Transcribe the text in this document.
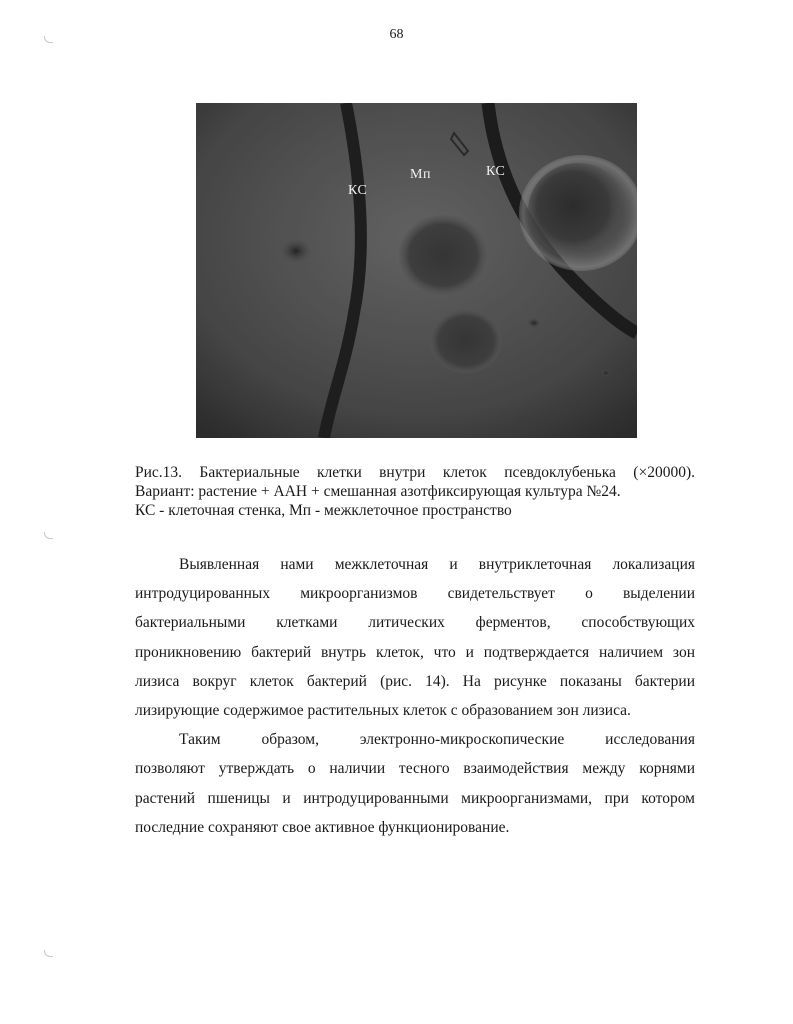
68
КС
Мп	КС

Рис.13. Бактериальные клетки внутри клеток псевдоклубенька (×20000).

Вариант: растение + ААН + смешанная азотфиксирующая культура №24.

КС - клеточная стенка, Мп - межклеточное пространство

Выявленная нами межклеточная и внутриклеточная локализация
интродуцированных микроорганизмов свидетельствует о выделении
бактериальными клетками литических ферментов, способствующих
проникновению бактерий внутрь клеток, что и подтверждается наличием зон
лизиса вокруг клеток бактерий (рис. 14). На рисунке показаны бактерии
лизирующие содержимое растительных клеток с образованием зон лизиса.
Таким образом, электронно-микроскопические исследования
позволяют утверждать о наличии тесного взаимодействия между корнями
растений пшеницы и интродуцированными микроорганизмами, при котором
последние сохраняют свое активное функционирование.
